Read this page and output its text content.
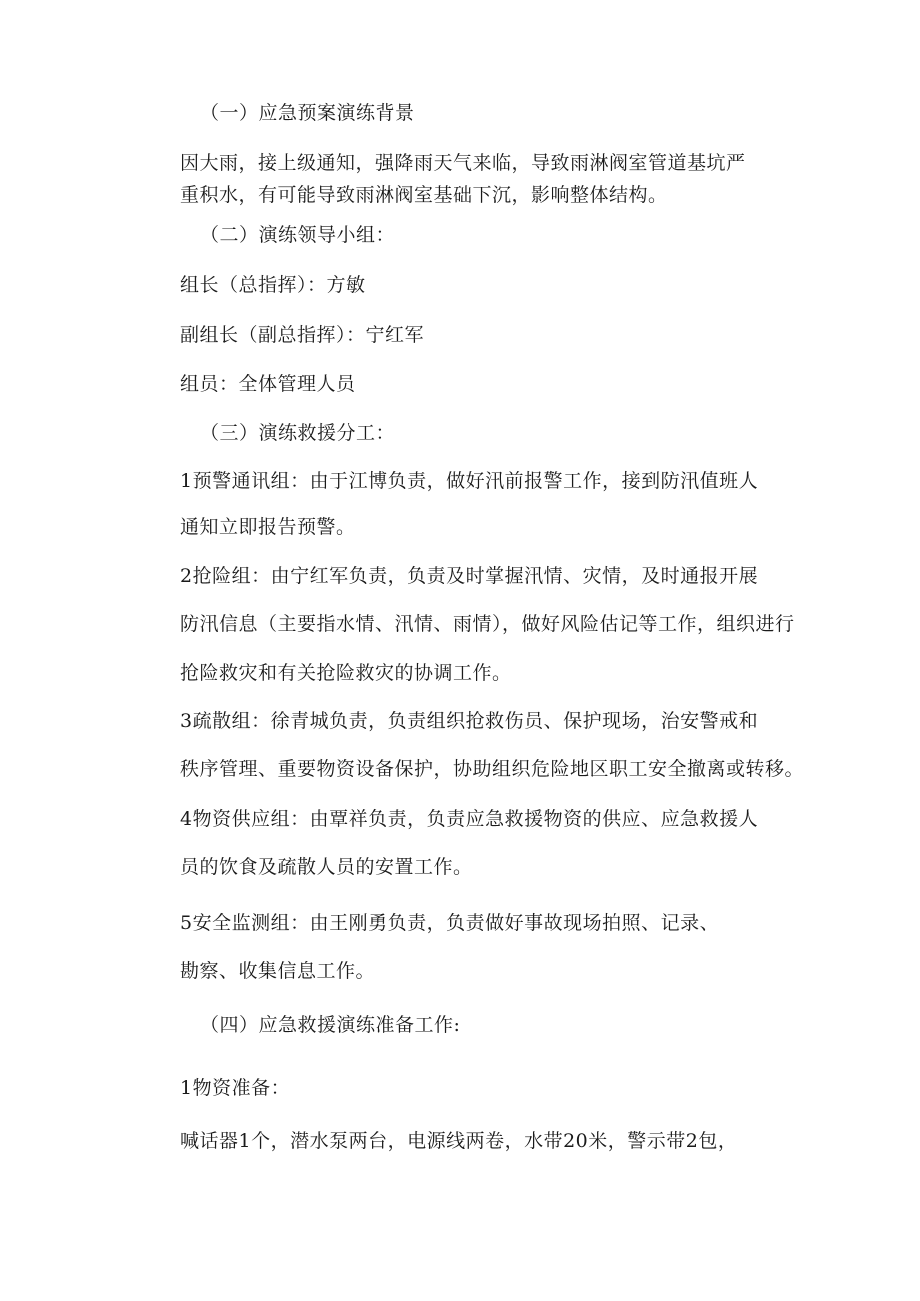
（一）应急预案演练背景
因大雨，接上级通知，强降雨天气来临，导致雨淋阀室管道基坑严
重积水，有可能导致雨淋阀室基础下沉，影响整体结构。
（二）演练领导小组：
组长（总指挥）：方敏
副组长（副总指挥）：宁红军
组员：全体管理人员
（三）演练救援分工：
1预警通讯组：由于江博负责，做好汛前报警工作，接到防汛值班人
通知立即报告预警。
2抢险组：由宁红军负责，负责及时掌握汛情、灾情，及时通报开展
防汛信息（主要指水情、汛情、雨情），做好风险估记等工作，组织进行
抢险救灾和有关抢险救灾的协调工作。
3疏散组：徐青城负责，负责组织抢救伤员、保护现场，治安警戒和
秩序管理、重要物资设备保护，协助组织危险地区职工安全撤离或转移。
4物资供应组：由覃祥负责，负责应急救援物资的供应、应急救援人
员的饮食及疏散人员的安置工作。
5安全监测组：由王刚勇负责，负责做好事故现场拍照、记录、
勘察、收集信息工作。
（四）应急救援演练准备工作:
1物资准备：
喊话器1个，潜水泵两台，电源线两卷，水带20米，警示带2包，
